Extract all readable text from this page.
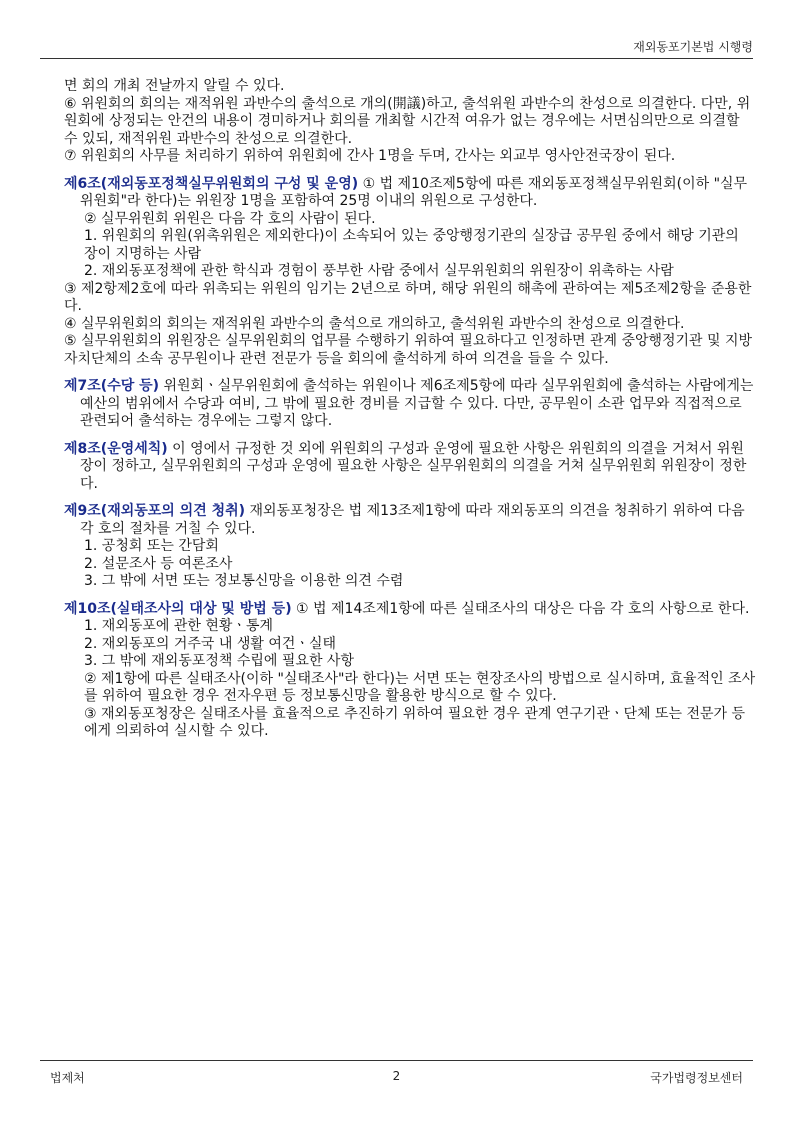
재외동포기본법 시행령

면 회의 개최 전날까지 알릴 수 있다.

⑥ 위원회의 회의는 재적위원 과반수의 출석으로 개의(開議)하고, 출석위원 과반수의 찬성으로 의결한다. 다만, 위원회에 상정되는 안건의 내용이 경미하거나 회의를 개최할 시간적 여유가 없는 경우에는 서면심의만으로 의결할 수 있되, 재적위원 과반수의 찬성으로 의결한다.

⑦ 위원회의 사무를 처리하기 위하여 위원회에 간사 1명을 두며, 간사는 외교부 영사안전국장이 된다.

제6조(재외동포정책실무위원회의 구성 및 운영) ① 법 제10조제5항에 따른 재외동포정책실무위원회(이하 "실무위원회"라 한다)는 위원장 1명을 포함하여 25명 이내의 위원으로 구성한다.

② 실무위원회 위원은 다음 각 호의 사람이 된다.

1. 위원회의 위원(위촉위원은 제외한다)이 소속되어 있는 중앙행정기관의 실장급 공무원 중에서 해당 기관의 장이 지명하는 사람

2. 재외동포정책에 관한 학식과 경험이 풍부한 사람 중에서 실무위원회의 위원장이 위촉하는 사람

③ 제2항제2호에 따라 위촉되는 위원의 임기는 2년으로 하며, 해당 위원의 해촉에 관하여는 제5조제2항을 준용한다.

④ 실무위원회의 회의는 재적위원 과반수의 출석으로 개의하고, 출석위원 과반수의 찬성으로 의결한다.

⑤ 실무위원회의 위원장은 실무위원회의 업무를 수행하기 위하여 필요하다고 인정하면 관계 중앙행정기관 및 지방자치단체의 소속 공무원이나 관련 전문가 등을 회의에 출석하게 하여 의견을 들을 수 있다.

제7조(수당 등) 위원회ㆍ실무위원회에 출석하는 위원이나 제6조제5항에 따라 실무위원회에 출석하는 사람에게는 예산의 범위에서 수당과 여비, 그 밖에 필요한 경비를 지급할 수 있다. 다만, 공무원이 소관 업무와 직접적으로 관련되어 출석하는 경우에는 그렇지 않다.

제8조(운영세칙) 이 영에서 규정한 것 외에 위원회의 구성과 운영에 필요한 사항은 위원회의 의결을 거쳐서 위원장이 정하고, 실무위원회의 구성과 운영에 필요한 사항은 실무위원회의 의결을 거쳐 실무위원회 위원장이 정한다.

제9조(재외동포의 의견 청취) 재외동포청장은 법 제13조제1항에 따라 재외동포의 의견을 청취하기 위하여 다음 각 호의 절차를 거칠 수 있다.

1. 공청회 또는 간담회

2. 설문조사 등 여론조사

3. 그 밖에 서면 또는 정보통신망을 이용한 의견 수렴

제10조(실태조사의 대상 및 방법 등) ① 법 제14조제1항에 따른 실태조사의 대상은 다음 각 호의 사항으로 한다.

1. 재외동포에 관한 현황ㆍ통계

2. 재외동포의 거주국 내 생활 여건ㆍ실태

3. 그 밖에 재외동포정책 수립에 필요한 사항

② 제1항에 따른 실태조사(이하 "실태조사"라 한다)는 서면 또는 현장조사의 방법으로 실시하며, 효율적인 조사를 위하여 필요한 경우 전자우편 등 정보통신망을 활용한 방식으로 할 수 있다.

③ 재외동포청장은 실태조사를 효율적으로 추진하기 위하여 필요한 경우 관계 연구기관ㆍ단체 또는 전문가 등에게 의뢰하여 실시할 수 있다.

법제처	2	국가법령정보센터
